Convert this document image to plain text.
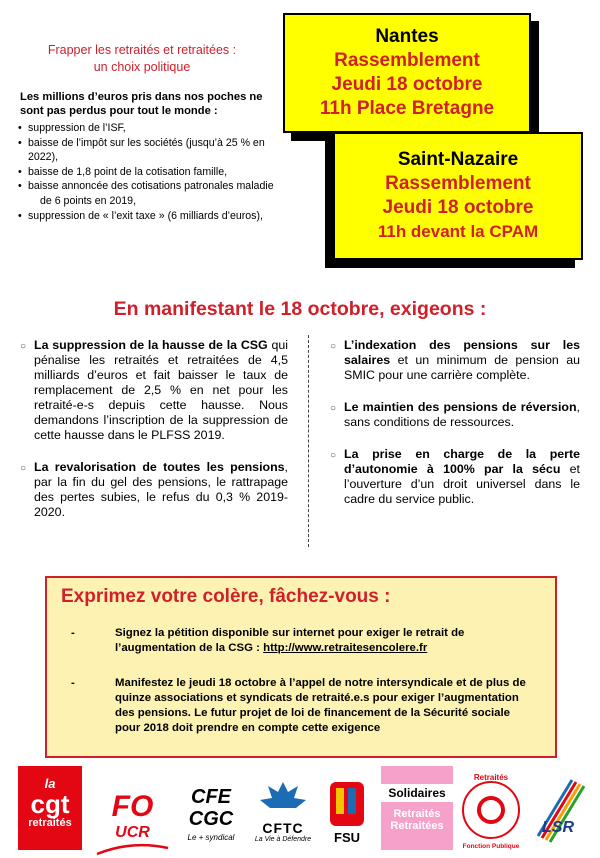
Frapper les retraités et retraitées :
un choix politique
Les millions d’euros pris dans nos poches ne sont pas perdus pour tout le monde :
• suppression de l’ISF,
• baisse de l’impôt sur les sociétés (jusqu’à 25 % en 2022),
• baisse de 1,8 point de la cotisation famille,
• baisse annoncée des cotisations patronales maladie
de 6 points en 2019,
• suppression de « l’exit taxe » (6 milliards d’euros),
Nantes
Rassemblement
Jeudi 18 octobre
11h Place Bretagne
Saint-Nazaire
Rassemblement
Jeudi 18 octobre
11h devant la CPAM
En manifestant le 18 octobre, exigeons :
○ La suppression de la hausse de la CSG qui pénalise les retraités et retraitées de 4,5 milliards d’euros et fait baisser le taux de remplacement de 2,5 % en net pour les retraité-e-s depuis cette hausse. Nous demandons l’inscription de la suppression de cette hausse dans le PLFSS 2019.
○ La revalorisation de toutes les pensions, par la fin du gel des pensions, le rattrapage des pertes subies, le refus du 0,3 % 2019-2020.
○ L’indexation des pensions sur les salaires et un minimum de pension au SMIC pour une carrière complète.
○ Le maintien des pensions de réversion, sans conditions de ressources.
○ La prise en charge de la perte d’autonomie à 100% par la sécu et l’ouverture d’un droit universel dans le cadre du service public.
Exprimez votre colère, fâchez-vous :
-	Signez la pétition disponible sur internet pour exiger le retrait de l’augmentation de la CSG : http://www.retraitesencolere.fr
-	Manifestez le jeudi 18 octobre à l’appel de notre intersyndicale et de plus de quinze associations et syndicats de retraité.e.s pour exiger l’augmentation des pensions. Le futur projet de loi de financement de la Sécurité sociale pour 2018 doit prendre en compte cette exigence
la
cgt
retraités	FO UCR
CFE
CGC
Le + syndical
CFTC
La Vie à Défendre	FSU
Solidaires
Retraités
Retraitées
Retraités
Fonction Publique
LSR
